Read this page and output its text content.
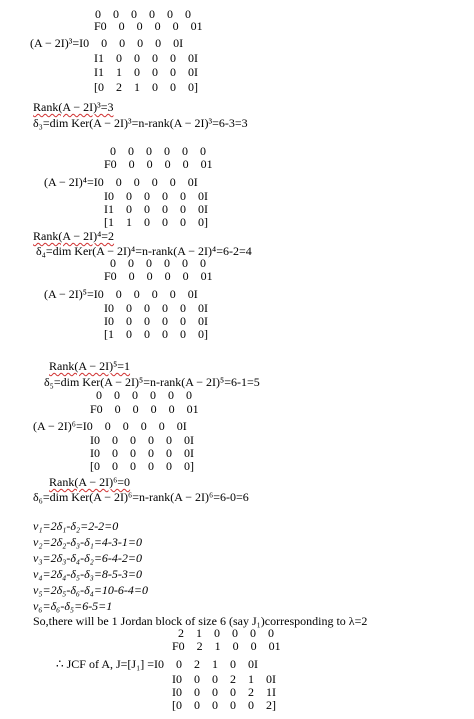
0    0    0    0    0    0
F0    0    0    0    0    01
(A − 2I)³=I0    0    0    0    0    0I
I1    0    0    0    0    0I
I1    1    0    0    0    0I
[0    2    1    0    0    0]
Rank(A − 2I)³=3
δ₃=dim Ker(A − 2I)³=n-rank(A − 2I)³=6-3=3
0    0    0    0    0    0
F0    0    0    0    0    01
(A − 2I)⁴=I0    0    0    0    0    0I
I0    0    0    0    0    0I
I1    0    0    0    0    0I
[1    1    0    0    0    0]
Rank(A − 2I)⁴=2
δ₄=dim Ker(A − 2I)⁴=n-rank(A − 2I)⁴=6-2=4
0    0    0    0    0    0
F0    0    0    0    0    01
(A − 2I)⁵=I0    0    0    0    0    0I
I0    0    0    0    0    0I
I0    0    0    0    0    0I
[1    0    0    0    0    0]
Rank(A − 2I)⁵=1
δ₅=dim Ker(A − 2I)⁵=n-rank(A − 2I)⁵=6-1=5
0    0    0    0    0    0
F0    0    0    0    0    01
(A − 2I)⁶=I0    0    0    0    0    0I
I0    0    0    0    0    0I
I0    0    0    0    0    0I
[0    0    0    0    0    0]
Rank(A − 2I)⁶=0
δ₆=dim Ker(A − 2I)⁶=n-rank(A − 2I)⁶=6-0=6
ν₁=2δ₁-δ₂=2-2=0
ν₂=2δ₂-δ₃-δ₁=4-3-1=0
ν₃=2δ₃-δ₄-δ₂=6-4-2=0
ν₄=2δ₄-δ₅-δ₃=8-5-3=0
ν₅=2δ₅-δ₆-δ₄=10-6-4=0
ν₆=δ₆-δ₅=6-5=1
So,there will be 1 Jordan block of size 6 (say J₁)corresponding to λ=2
2    1    0    0    0    0
F0    2    1    0    0    01
∴ JCF of A, J=[J₁] =I0    0    2    1    0    0I
I0    0    0    2    1    0I
I0    0    0    0    2    1I
[0    0    0    0    0    2]
